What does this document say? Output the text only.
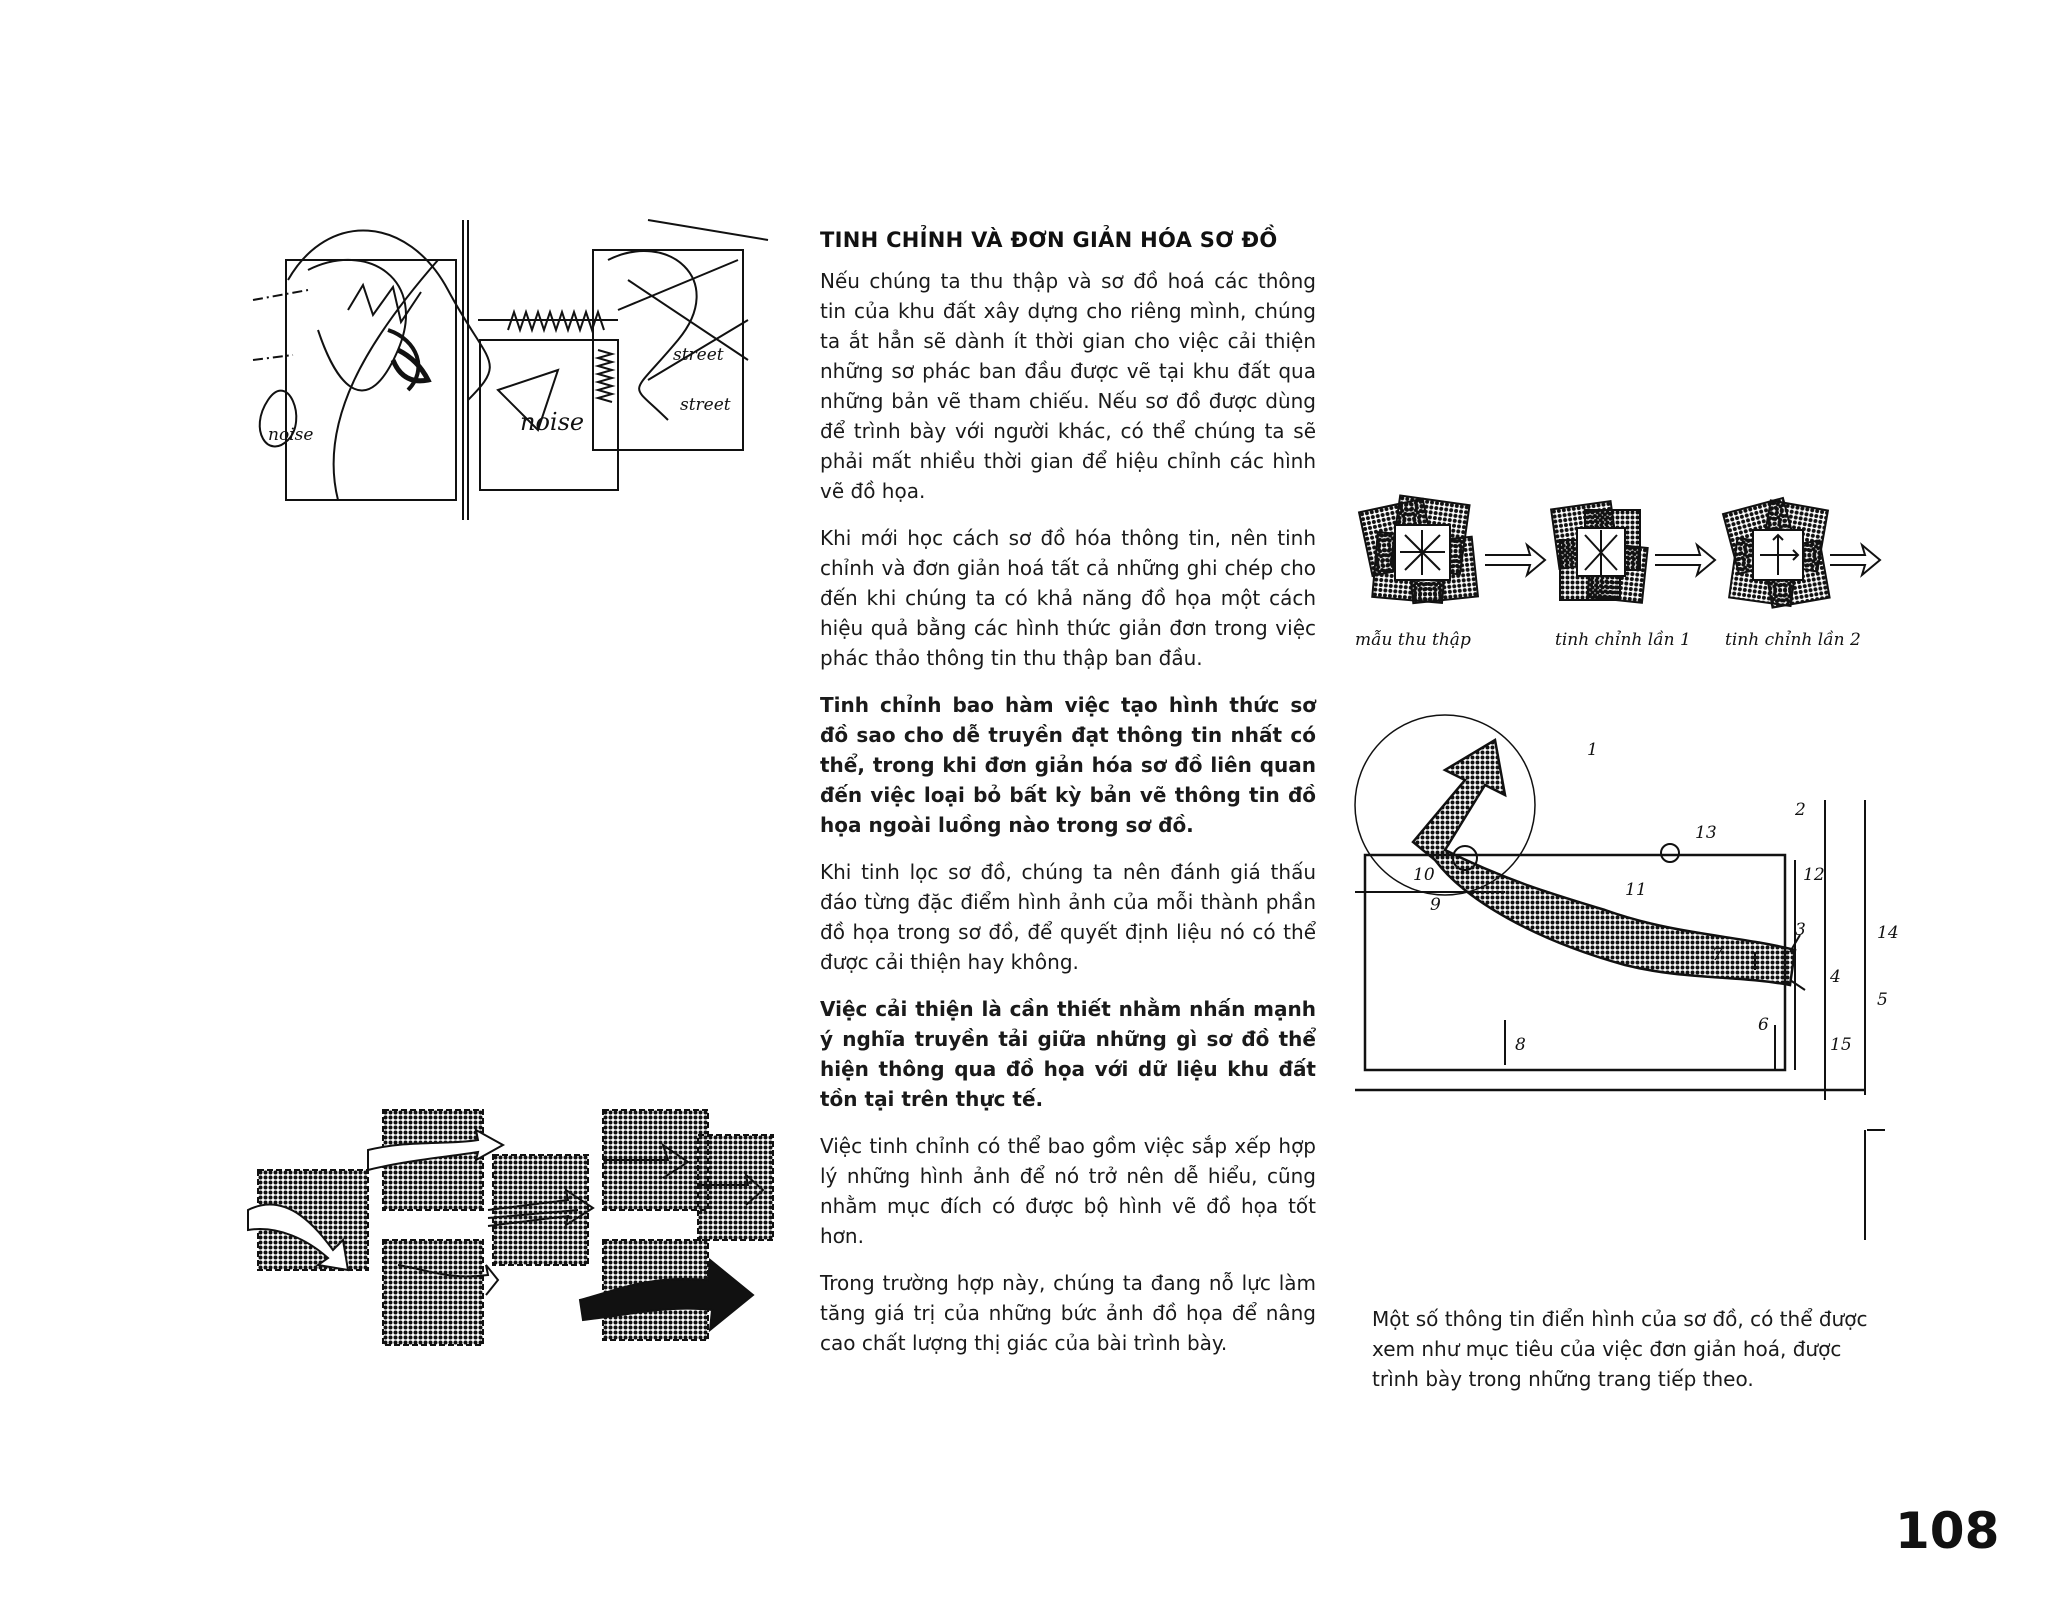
noise
noise
street
street
mẫu thu thập	tinh chỉnh lần 1 tinh chỉnh lần 2
1
2
3
4
5
6
7
8
9
10
11
12
13
14
15
TINH CHỈNH VÀ ĐƠN GIẢN HÓA SƠ ĐỒ

Nếu chúng ta thu thập và sơ đồ hoá các thông tin của khu đất xây dựng cho riêng mình, chúng ta ắt hẳn sẽ dành ít thời gian cho việc cải thiện những sơ phác ban đầu được vẽ tại khu đất qua những bản vẽ tham chiếu. Nếu sơ đồ được dùng để trình bày với người khác, có thể chúng ta sẽ phải mất nhiều thời gian để hiệu chỉnh các hình vẽ đồ họa.

Khi mới học cách sơ đồ hóa thông tin, nên tinh chỉnh và đơn giản hoá tất cả những ghi chép cho đến khi chúng ta có khả năng đồ họa một cách hiệu quả bằng các hình thức giản đơn trong việc phác thảo thông tin thu thập ban đầu.

Tinh chỉnh bao hàm việc tạo hình thức sơ đồ sao cho dễ truyền đạt thông tin nhất có thể, trong khi đơn giản hóa sơ đồ liên quan đến việc loại bỏ bất kỳ bản vẽ thông tin đồ họa ngoài luồng nào trong sơ đồ.

Khi tinh lọc sơ đồ, chúng ta nên đánh giá thấu đáo từng đặc điểm hình ảnh của mỗi thành phần đồ họa trong sơ đồ, để quyết định liệu nó có thể được cải thiện hay không.

Việc cải thiện là cần thiết nhằm nhấn mạnh ý nghĩa truyền tải giữa những gì sơ đồ thể hiện thông qua đồ họa với dữ liệu khu đất tồn tại trên thực tế.

Việc tinh chỉnh có thể bao gồm việc sắp xếp hợp lý những hình ảnh để nó trở nên dễ hiểu, cũng nhằm mục đích có được bộ hình vẽ đồ họa tốt hơn.

Trong trường hợp này, chúng ta đang nỗ lực làm tăng giá trị của những bức ảnh đồ họa để nâng cao chất lượng thị giác của bài trình bày.

Một số thông tin điển hình của sơ đồ, có thể được xem như mục tiêu của việc đơn giản hoá, được trình bày trong những trang tiếp theo.

108
